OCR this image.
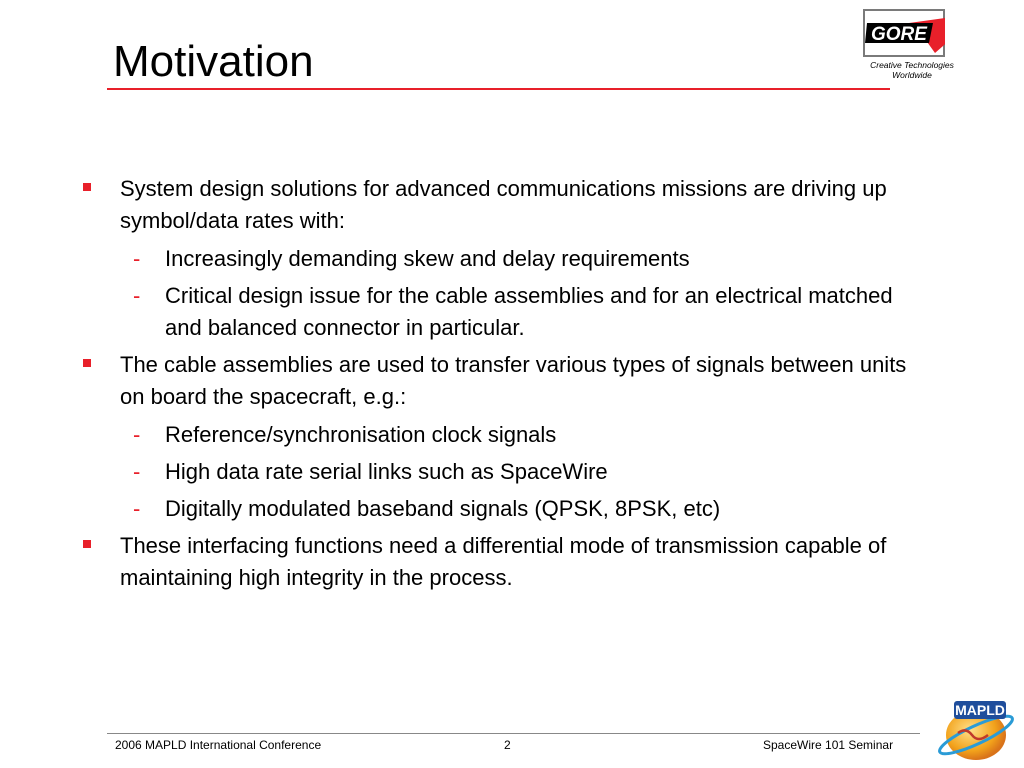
Motivation
GORE
Creative Technologies
Worldwide
System design solutions for advanced communications missions are driving up symbol/data rates with:
- Increasingly demanding skew and delay requirements
- Critical design issue for the cable assemblies and for an electrical matched and balanced connector in particular.
The cable assemblies are used to transfer various types of signals between units on board the spacecraft, e.g.:
- Reference/synchronisation clock signals
- High data rate serial links such as SpaceWire
- Digitally modulated baseband signals (QPSK, 8PSK, etc)
These interfacing functions need a differential mode of transmission capable of maintaining high integrity in the process.
2006 MAPLD International Conference	2	SpaceWire 101 Seminar
MAPLD
